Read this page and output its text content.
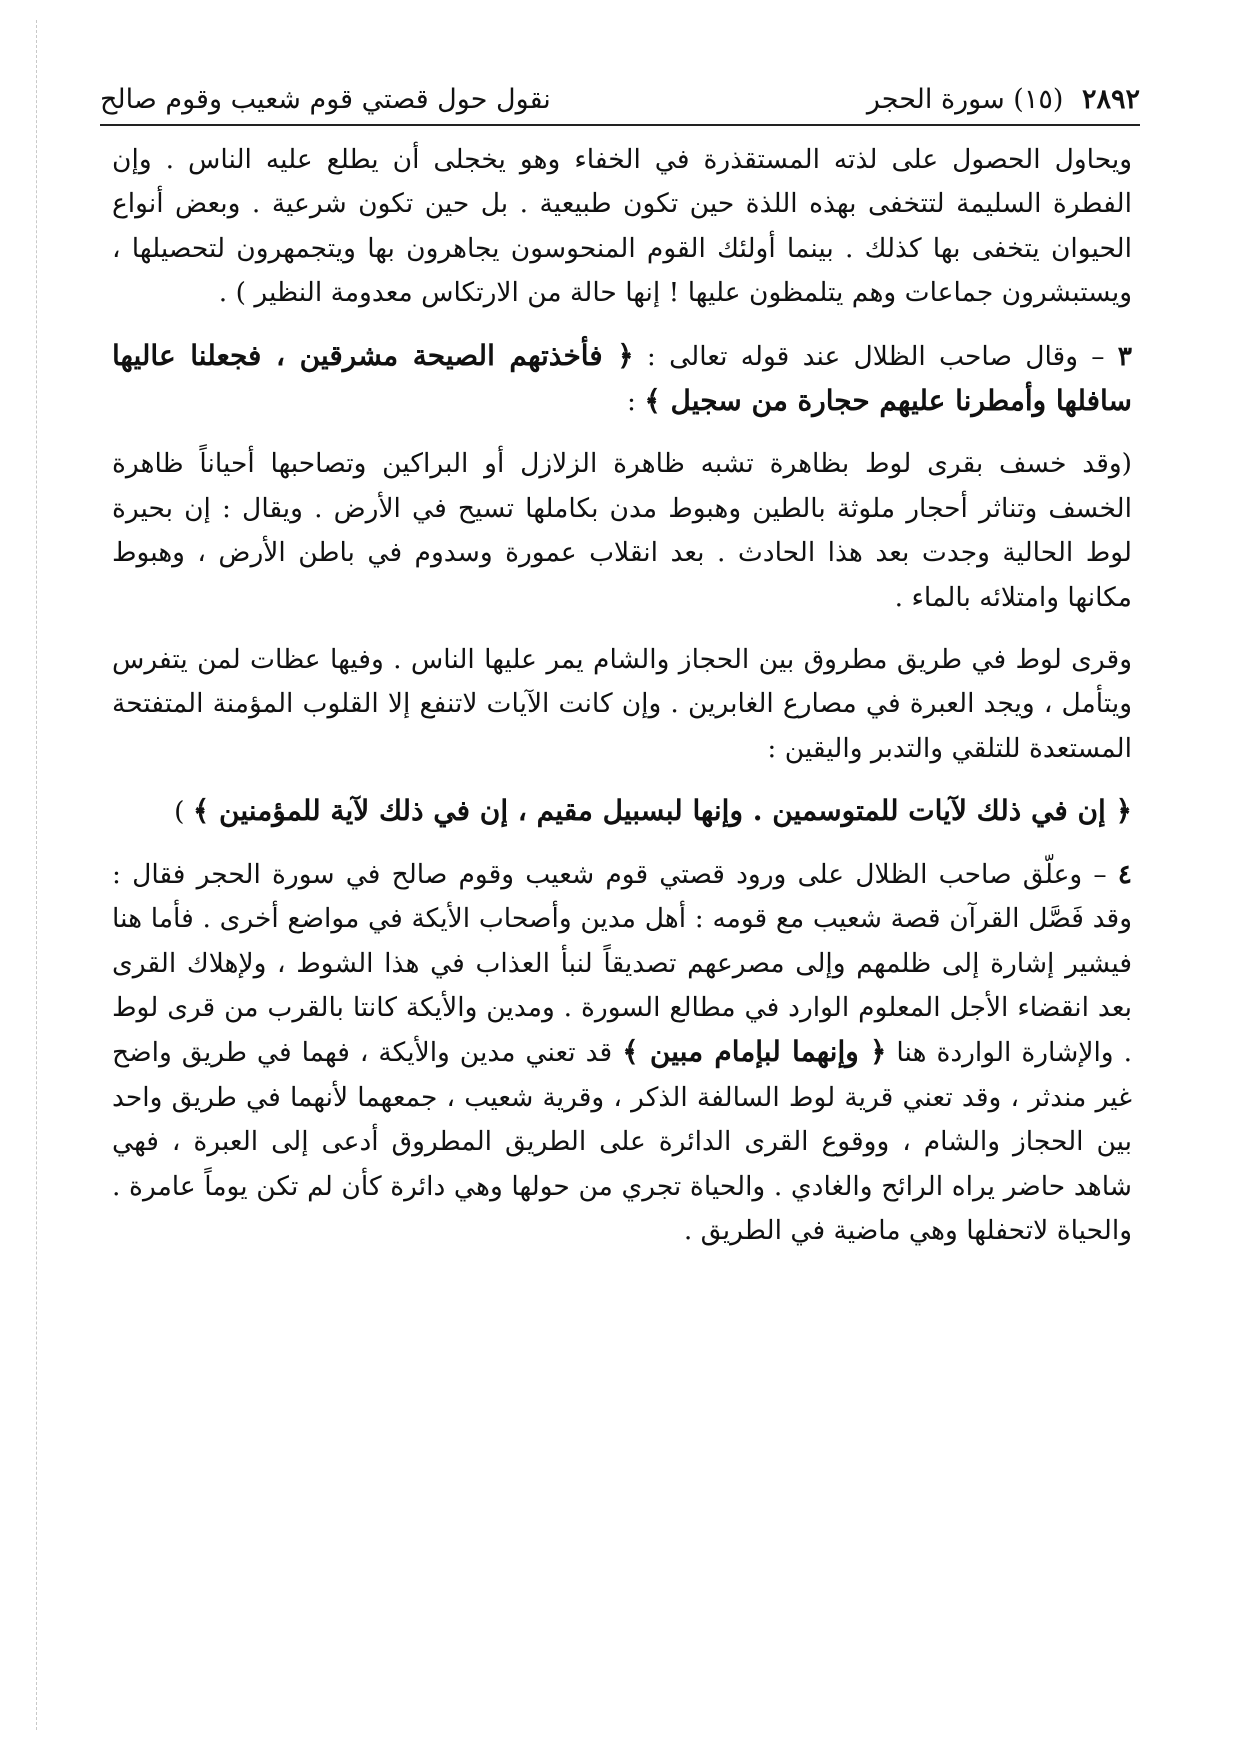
٢٨٩٢ (١٥) سورة الحجر
نقول حول قصتي قوم شعيب وقوم صالح

ويحاول الحصول على لذته المستقذرة في الخفاء وهو يخجلى أن يطلع عليه الناس . وإن الفطرة السليمة لتتخفى بهذه اللذة حين تكون طبيعية . بل حين تكون شرعية . وبعض أنواع الحيوان يتخفى بها كذلك . بينما أولئك القوم المنحوسون يجاهرون بها ويتجمهرون لتحصيلها ، ويستبشرون جماعات وهم يتلمظون عليها ! إنها حالة من الارتكاس معدومة النظير ) .

٣ – وقال صاحب الظلال عند قوله تعالى : ﴿ فأخذتهم الصيحة مشرقين ، فجعلنا عاليها سافلها وأمطرنا عليهم حجارة من سجيل ﴾ :

(وقد خسف بقرى لوط بظاهرة تشبه ظاهرة الزلازل أو البراكين وتصاحبها أحياناً ظاهرة الخسف وتناثر أحجار ملوثة بالطين وهبوط مدن بكاملها تسيح في الأرض . ويقال : إن بحيرة لوط الحالية وجدت بعد هذا الحادث . بعد انقلاب عمورة وسدوم في باطن الأرض ، وهبوط مكانها وامتلائه بالماء .

وقرى لوط في طريق مطروق بين الحجاز والشام يمر عليها الناس . وفيها عظات لمن يتفرس ويتأمل ، ويجد العبرة في مصارع الغابرين . وإن كانت الآيات لاتنفع إلا القلوب المؤمنة المتفتحة المستعدة للتلقي والتدبر واليقين :

﴿ إن في ذلك لآيات للمتوسمين . وإنها لبسبيل مقيم ، إن في ذلك لآية للمؤمنين ﴾ )

٤ – وعلّق صاحب الظلال على ورود قصتي قوم شعيب وقوم صالح في سورة الحجر فقال : وقد فَصَّل القرآن قصة شعيب مع قومه : أهل مدين وأصحاب الأيكة في مواضع أخرى . فأما هنا فيشير إشارة إلى ظلمهم وإلى مصرعهم تصديقاً لنبأ العذاب في هذا الشوط ، ولإهلاك القرى بعد انقضاء الأجل المعلوم الوارد في مطالع السورة . ومدين والأيكة كانتا بالقرب من قرى لوط . والإشارة الواردة هنا ﴿ وإنهما لبإمام مبين ﴾ قد تعني مدين والأيكة ، فهما في طريق واضح غير مندثر ، وقد تعني قرية لوط السالفة الذكر ، وقرية شعيب ، جمعهما لأنهما في طريق واحد بين الحجاز والشام ، ووقوع القرى الدائرة على الطريق المطروق أدعى إلى العبرة ، فهي شاهد حاضر يراه الرائح والغادي . والحياة تجري من حولها وهي دائرة كأن لم تكن يوماً عامرة . والحياة لاتحفلها وهي ماضية في الطريق .
